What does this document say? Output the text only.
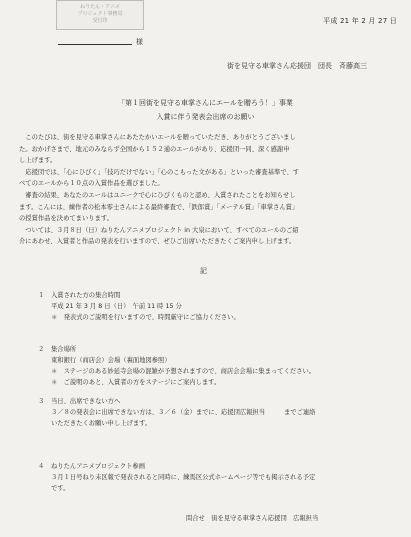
ねりたん・アニメ
プロジェクト事務局
受付印	平成 21 年 2 月 27 日
様
街を見守る車掌さん応援団　団長　斉藤高三
「第１回街を見守る車掌さんにエールを贈ろう！」事業
入賞に伴う発表会出席のお願い

　このたびは、街を見守る車掌さんにあたたかいエールを贈っていただき、ありがとうございまし

た。おかげさまで、地元のみならず全国から１５２通のエールがあり、応援団一同、深く感謝申

し上げます。

　応援団では、「心にひびく」「技巧だけでない」「心のこもった文がある」といった審査基準で、す

べてのエールから１０点の入賞作品を選びました。

　審査の結果、あなたのエールはユニークで心にひびくものと認め、入賞されたことをお知らせし

ます。こんには、練作者の松本零士さんによる最終審査で、「鉄郎賞」「メーテル賞」「車掌さん賞」

の授賞作品を決めてまいります。

　ついては、３月８日（日）ねりたんアニメプロジェクト in 大泉において、すべてのエールのご紹

介にあわせ、入賞者と作品の発表を行いますので、ぜひご出席いただきたくご案内申し上げます。

記
１ 入賞された方の集合時間
平成 21 年 3 月 8 日（日）　午前 11 時 15 分
＊　発表式のご説明を行いますので、時間厳守にご協力ください。
２ 集合場所
東和銀行（商店会）会場（裏面地図参照）
＊　ステージのある妙延寺会場の混雑が予想されますので、商店会会場に集まってください。
＊　ご説明のあと、入賞者の方をステージにご案内します。
３ 当日、出席できない方へ
３／８の発表会に出席できない方は、３／６（金）までに、応援団広報担当　　　までご連絡
いただきたくお願い申し上げます。
４ ねりたんアニメプロジェクト参画
３月１日号ねり未区報で発表されると同時に、練馬区公式ホームページ等でも掲示される予定
です。
問合せ　街を見守る車掌さん応援団　広報担当
